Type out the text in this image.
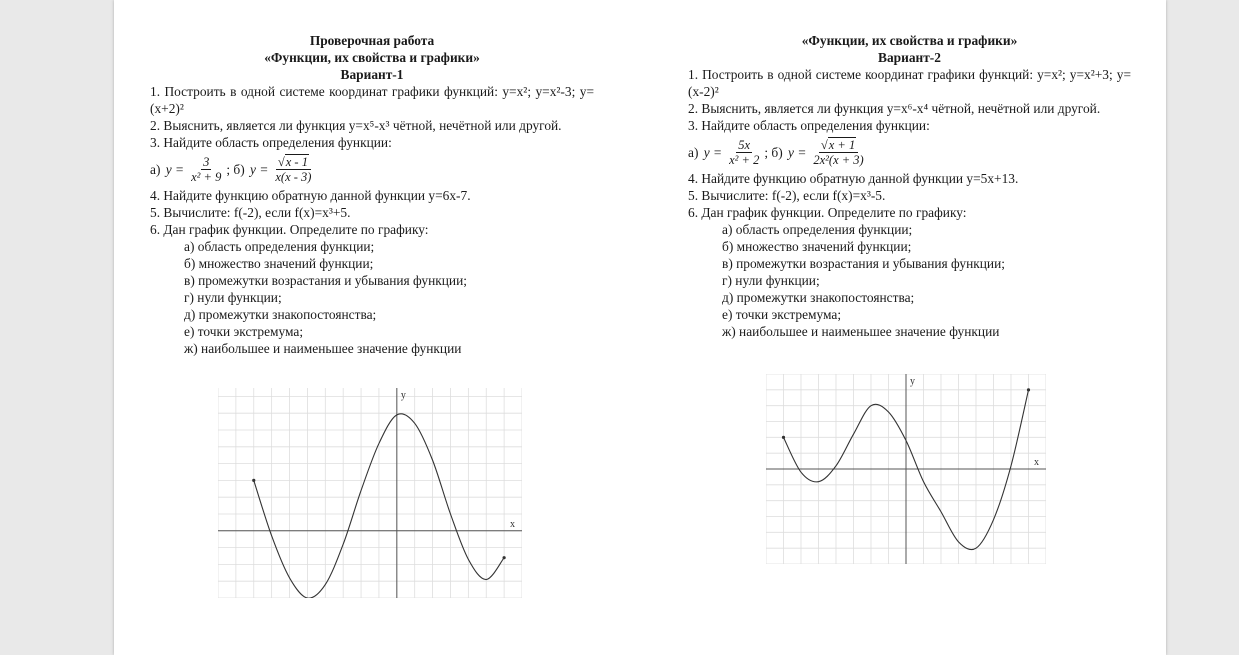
Проверочная работа
«Функции, их свойства и графики»
Вариант-1
1. Построить в одной системе координат графики функций: y=x²; y=x²-3; y=(x+2)²
2. Выяснить, является ли функция y=x⁵-x³ чётной, нечётной или другой.
3. Найдите область определения функции:
а)
$y = \frac{3}{\text{x² + 9}}$ ; б)
$y = \frac{√x - 1}{x(x - 3)}$
4. Найдите функцию обратную данной функции y=6x-7.
5. Вычислите: f(-2), если f(x)=x³+5.
6. Дан график функции. Определите по графику:
а) область определения функции;
б) множество значений функции;
в) промежутки возрастания и убывания функции;
г) нули функции;
д) промежутки знакопостоянства;
е) точки экстремума;
ж) наибольшее и наименьшее значение функции
x
y
«Функции, их свойства и графики»
Вариант-2
1. Построить в одной системе координат графики функций: y=x²; y=x²+3; y=(x-2)²
2. Выяснить, является ли функция y=x⁶-x⁴ чётной, нечётной или другой.
3. Найдите область определения функции:
а)
$y = \frac{5x}{\text{x² + 2}}$ ; б)
$y = \frac{√x + 1}{\text{2x²(x + 3)}}$
4. Найдите функцию обратную данной функции y=5x+13.
5. Вычислите: f(-2), если f(x)=x³-5.
6. Дан график функции. Определите по графику:
а) область определения функции;
б) множество значений функции;
в) промежутки возрастания и убывания функции;
г) нули функции;
д) промежутки знакопостоянства;
е) точки экстремума;
ж) наибольшее и наименьшее значение функции
x
y
